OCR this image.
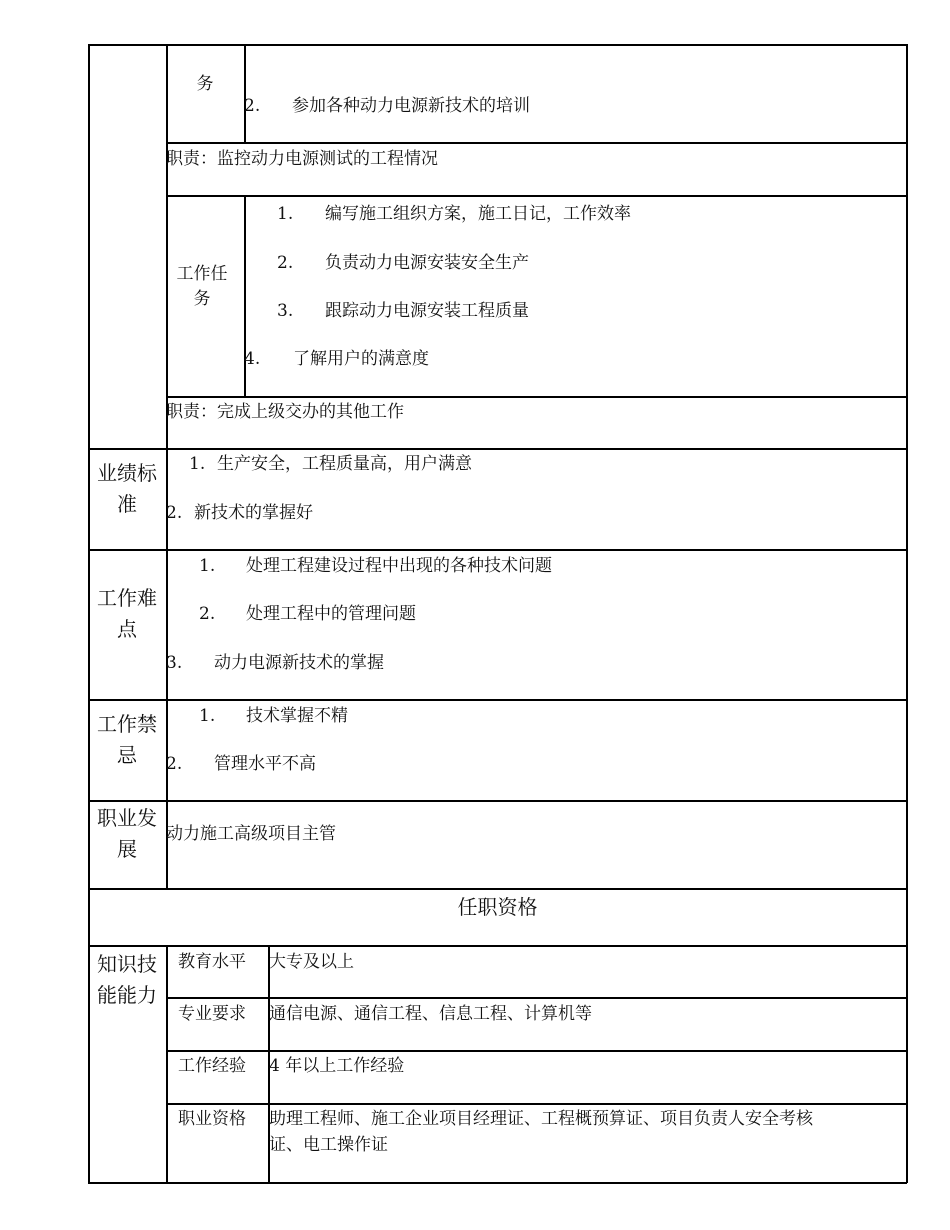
务
2. 参加各种动力电源新技术的培训
职责：监控动力电源测试的工程情况
工作任务
1. 编写施工组织方案，施工日记，工作效率
2. 负责动力电源安装安全生产
3. 跟踪动力电源安装工程质量
4. 了解用户的满意度
职责：完成上级交办的其他工作
业绩标准
1. 生产安全，工程质量高，用户满意
2. 新技术的掌握好
工作难点
1. 处理工程建设过程中出现的各种技术问题
2. 处理工程中的管理问题
3. 动力电源新技术的掌握
工作禁忌
1. 技术掌握不精
2. 管理水平不高
职业发展
动力施工高级项目主管
任职资格
知识技能能力
教育水平 大专及以上
专业要求 通信电源、通信工程、信息工程、计算机等
工作经验 4 年以上工作经验
职业资格 助理工程师、施工企业项目经理证、工程概预算证、项目负责人安全考核
证、电工操作证
